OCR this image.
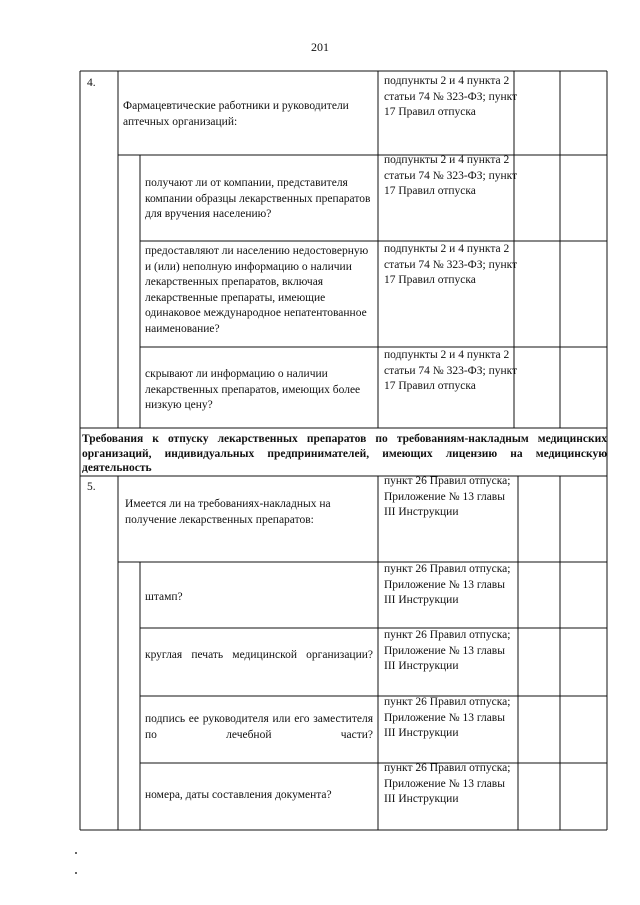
201
4.
Фармацевтические работники и руководители аптечных организаций:
подпункты 2 и 4 пункта 2 статьи 74 № 323-ФЗ; пункт 17 Правил отпуска
получают ли от компании, представителя компании образцы лекарственных препаратов для вручения населению?
подпункты 2 и 4 пункта 2 статьи 74 № 323-ФЗ; пункт 17 Правил отпуска
предоставляют ли населению недостоверную и (или) неполную информацию о наличии лекарственных препаратов, включая лекарственные препараты, имеющие одинаковое международное непатентованное наименование?
подпункты 2 и 4 пункта 2 статьи 74 № 323-ФЗ; пункт 17 Правил отпуска
скрывают ли информацию о наличии лекарственных препаратов, имеющих более низкую цену?
подпункты 2 и 4 пункта 2 статьи 74 № 323-ФЗ; пункт 17 Правил отпуска
Требования к отпуску лекарственных препаратов по требованиям-накладным медицинских организаций, индивидуальных предпринимателей, имеющих лицензию на медицинскую деятельность
5.
Имеется ли на требованиях-накладных на получение лекарственных препаратов:
пункт 26 Правил отпуска; Приложение № 13 главы III Инструкции
штамп?
пункт 26 Правил отпуска; Приложение № 13 главы III Инструкции
круглая печать медицинской организации?
пункт 26 Правил отпуска; Приложение № 13 главы III Инструкции
подпись ее руководителя или его заместителя по лечебной части?
пункт 26 Правил отпуска; Приложение № 13 главы III Инструкции
номера, даты составления документа?
пункт 26 Правил отпуска; Приложение № 13 главы III Инструкции
